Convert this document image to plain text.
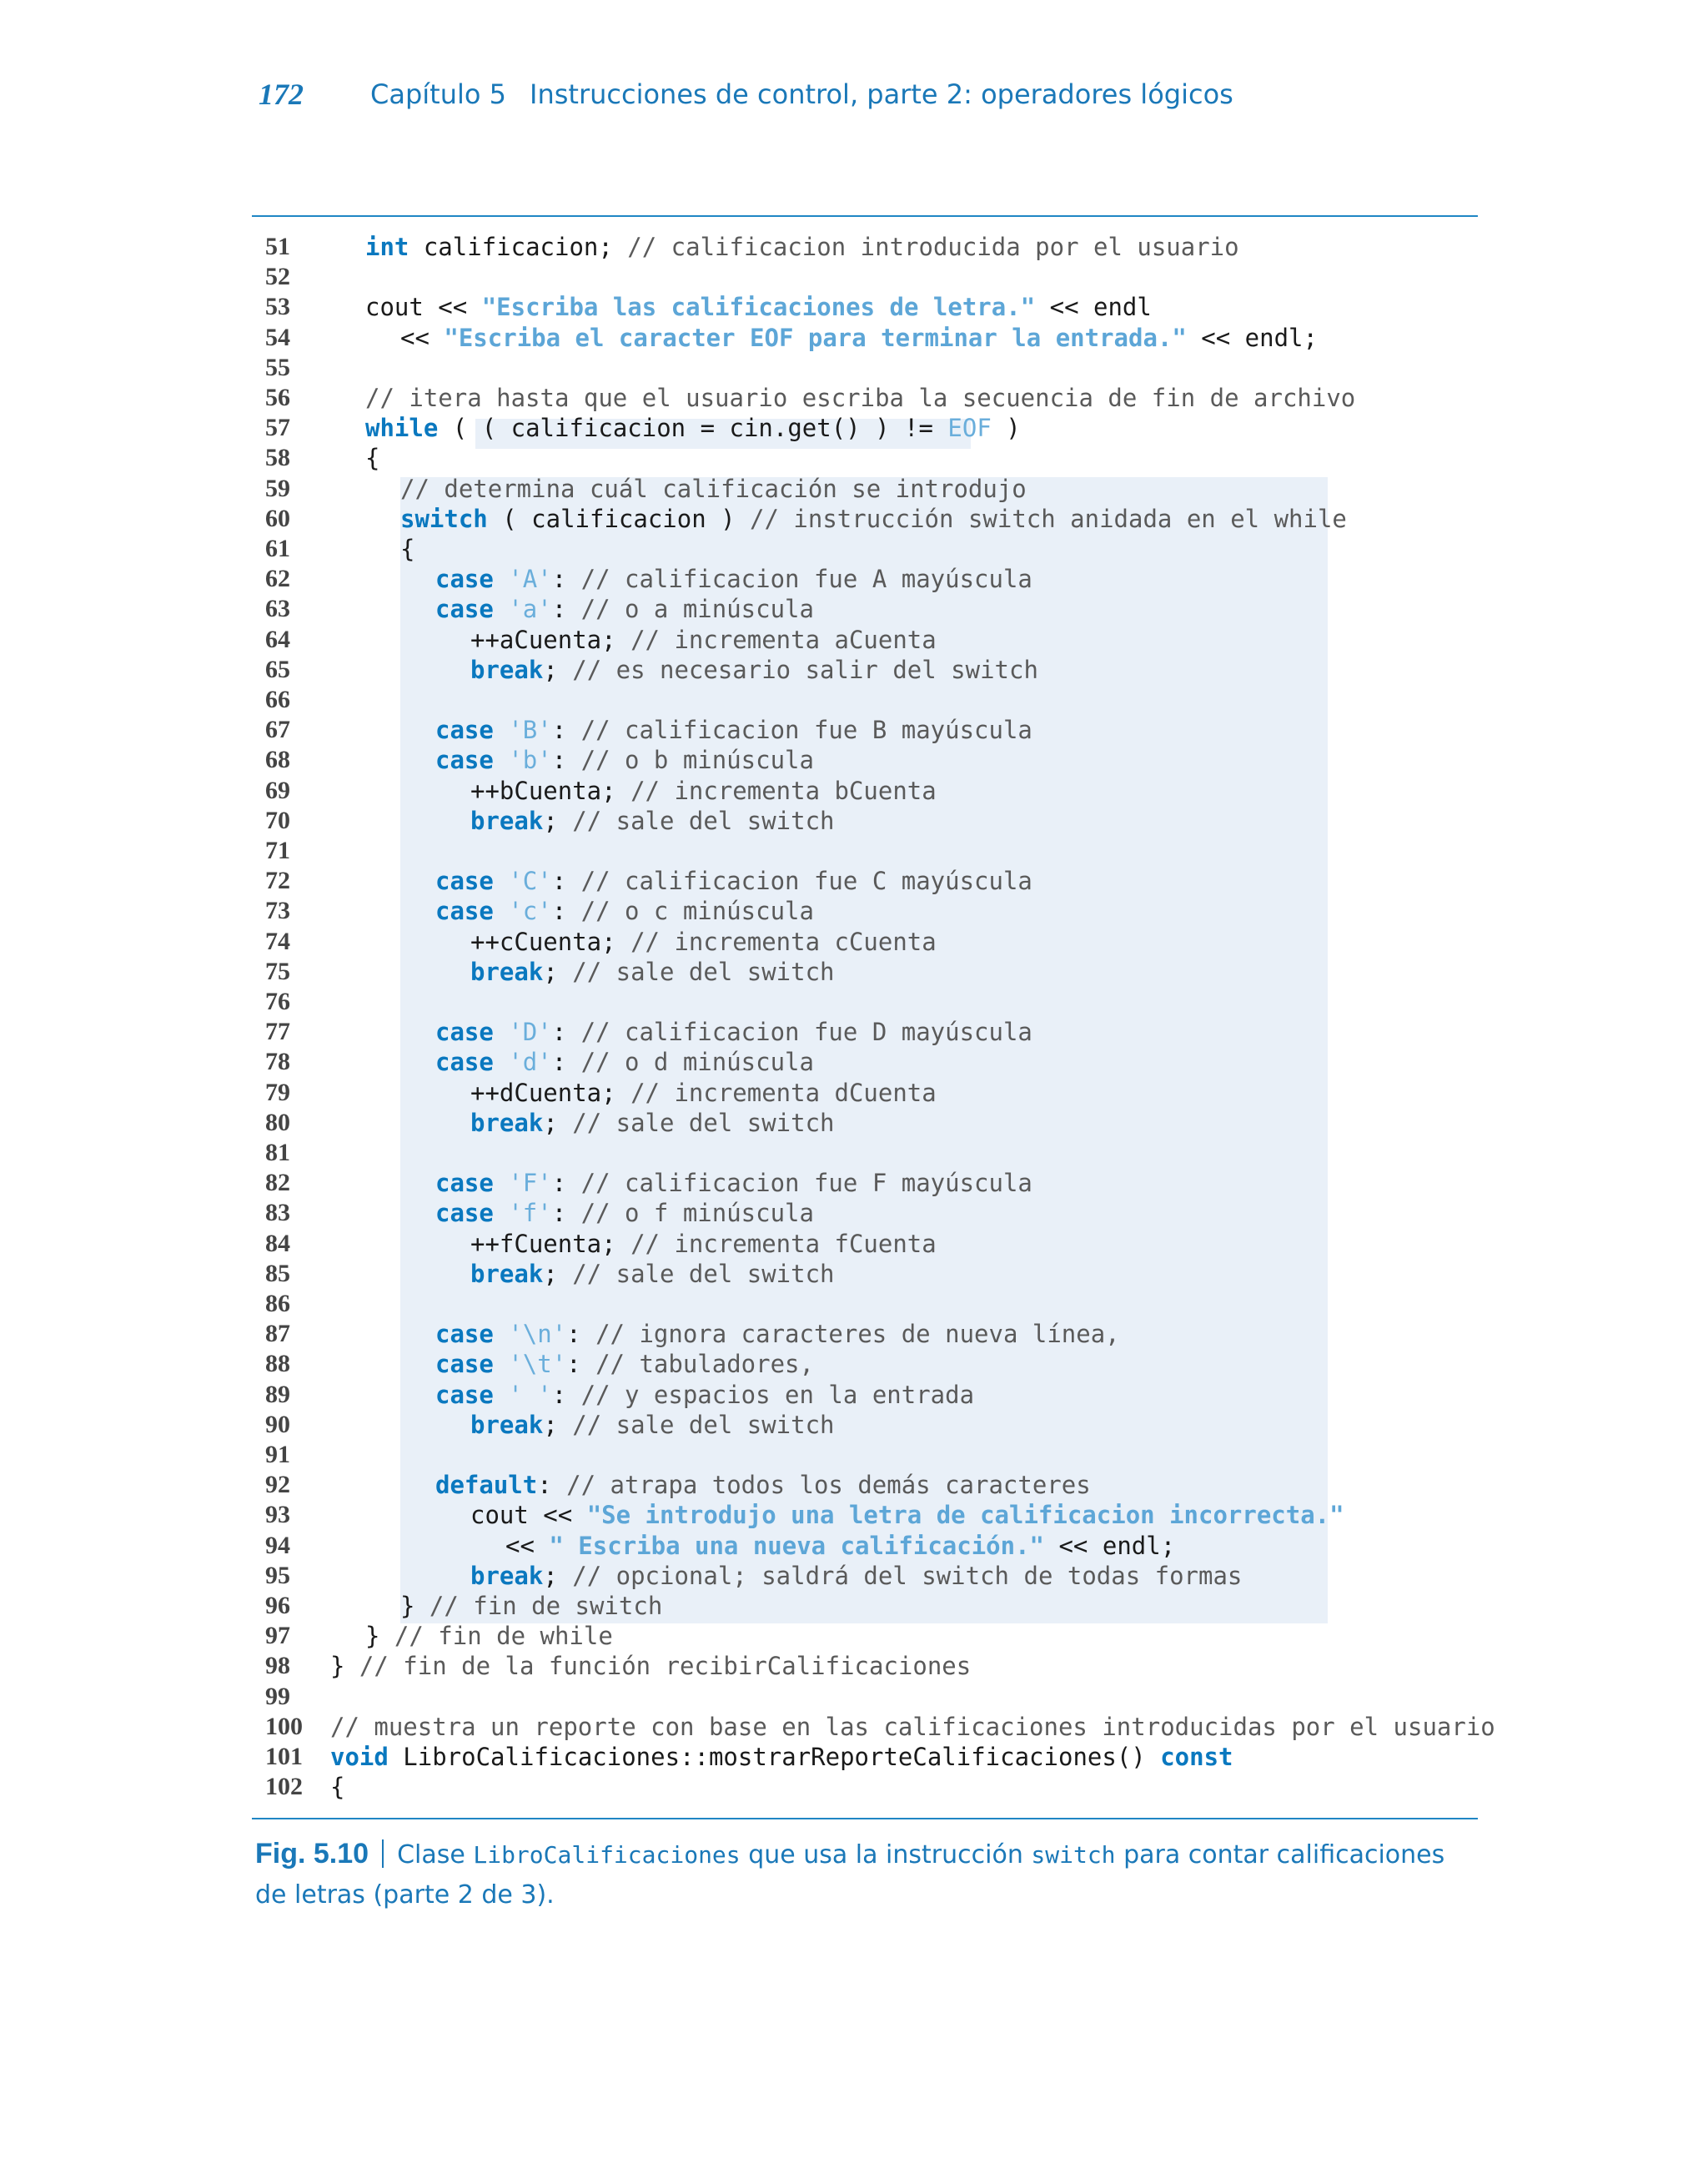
172	Capítulo 5 Instrucciones de control, parte 2: operadores lógicos
51	int calificacion; // calificacion introducida por el usuario
52
53	cout << "Escriba las calificaciones de letra." << endl
54	<< "Escriba el caracter EOF para terminar la entrada." << endl;
55
56	// itera hasta que el usuario escriba la secuencia de fin de archivo
57	while ( ( calificacion = cin.get() ) != EOF )
58	{
59	// determina cuál calificación se introdujo
60	switch ( calificacion ) // instrucción switch anidada en el while
61	{
62	case 'A': // calificacion fue A mayúscula
63	case 'a': // o a minúscula
64	++aCuenta; // incrementa aCuenta
65	break; // es necesario salir del switch
66
67	case 'B': // calificacion fue B mayúscula
68	case 'b': // o b minúscula
69	++bCuenta; // incrementa bCuenta
70	break; // sale del switch
71
72	case 'C': // calificacion fue C mayúscula
73	case 'c': // o c minúscula
74	++cCuenta; // incrementa cCuenta
75	break; // sale del switch
76
77	case 'D': // calificacion fue D mayúscula
78	case 'd': // o d minúscula
79	++dCuenta; // incrementa dCuenta
80	break; // sale del switch
81
82	case 'F': // calificacion fue F mayúscula
83	case 'f': // o f minúscula
84	++fCuenta; // incrementa fCuenta
85	break; // sale del switch
86
87	case '\n': // ignora caracteres de nueva línea,
88	case '\t': // tabuladores,
89	case ' ': // y espacios en la entrada
90	break; // sale del switch
91
92	default: // atrapa todos los demás caracteres
93	cout << "Se introdujo una letra de calificacion incorrecta."
94	<< " Escriba una nueva calificación." << endl;
95	break; // opcional; saldrá del switch de todas formas
96	} // fin de switch
97	} // fin de while
98	} // fin de la función recibirCalificaciones
99
100	// muestra un reporte con base en las calificaciones introducidas por el usuario
101	void LibroCalificaciones::mostrarReporteCalificaciones() const
102	{
Fig. 5.10 Clase LibroCalificaciones que usa la instrucción switch para contar calificaciones de letras (parte 2 de 3).
